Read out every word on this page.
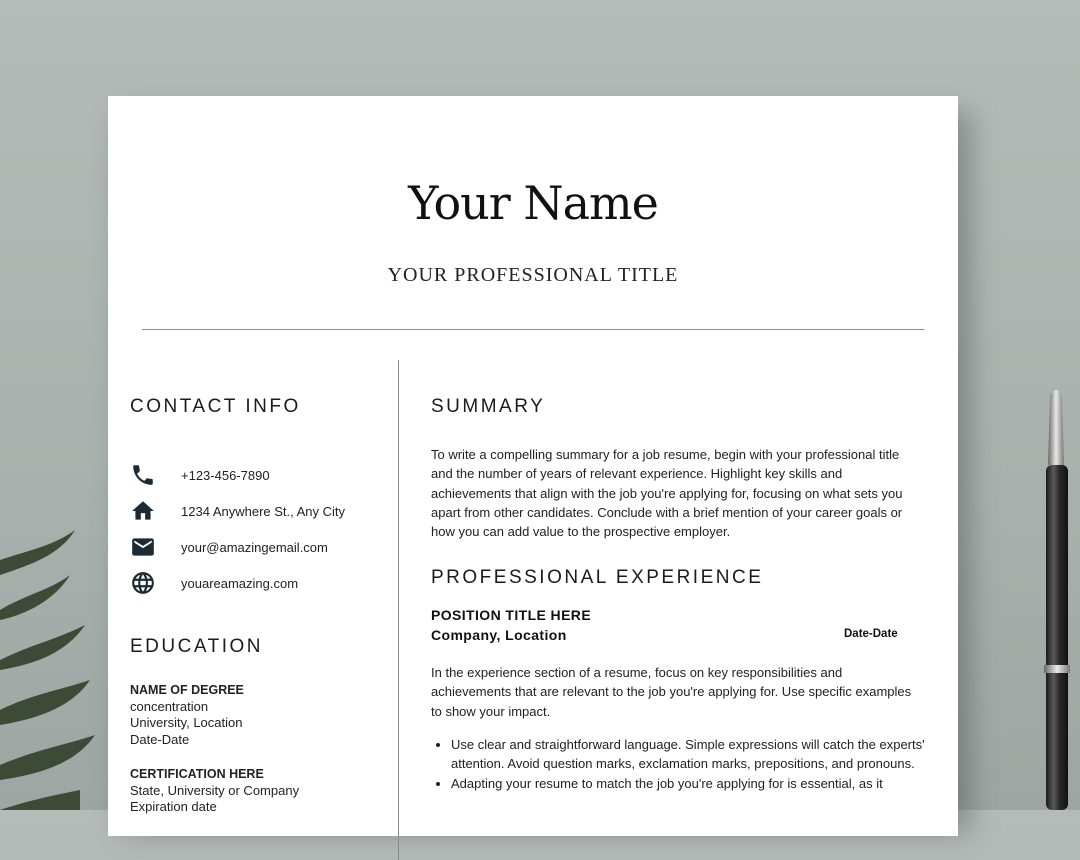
Your Name
YOUR PROFESSIONAL TITLE
CONTACT INFO
+123-456-7890
1234 Anywhere St., Any City
your@amazingemail.com
youareamazing.com
EDUCATION
NAME OF DEGREE
concentration
University, Location
Date-Date
CERTIFICATION HERE
State, University or Company
Expiration date
SUMMARY

To write a compelling summary for a job resume, begin with your professional title and the number of years of relevant experience. Highlight key skills and achievements that align with the job you're applying for, focusing on what sets you apart from other candidates. Conclude with a brief mention of your career goals or how you can add value to the prospective employer.

PROFESSIONAL EXPERIENCE
POSITION TITLE HERE
Company, Location	Date-Date

In the experience section of a resume, focus on key responsibilities and achievements that are relevant to the job you're applying for. Use specific examples to show your impact.

• Use clear and straightforward language. Simple expressions will catch the experts' attention. Avoid question marks, exclamation marks, prepositions, and pronouns.
• Adapting your resume to match the job you're applying for is essential, as it
